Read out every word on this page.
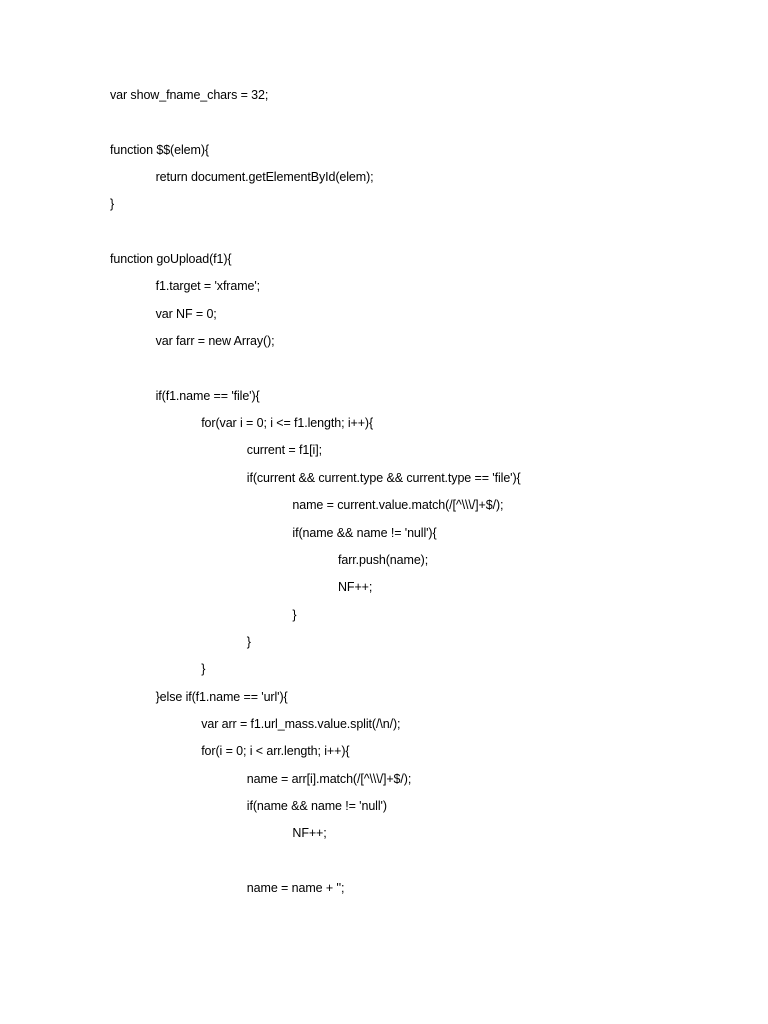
var show_fname_chars = 32;
function $$(elem){
return document.getElementById(elem);
}
function goUpload(f1){
f1.target = 'xframe';
var NF = 0;
var farr = new Array();
if(f1.name == 'file'){
for(var i = 0; i <= f1.length; i++){
current = f1[i];
if(current && current.type && current.type == 'file'){
name = current.value.match(/[^\\\/]+$/);
if(name && name != 'null'){
farr.push(name);
NF++;
}
}
}
}else if(f1.name == 'url'){
var arr = f1.url_mass.value.split(/\n/);
for(i = 0; i < arr.length; i++){
name = arr[i].match(/[^\\\/]+$/);
if(name && name != 'null')
NF++;
name = name + '';
